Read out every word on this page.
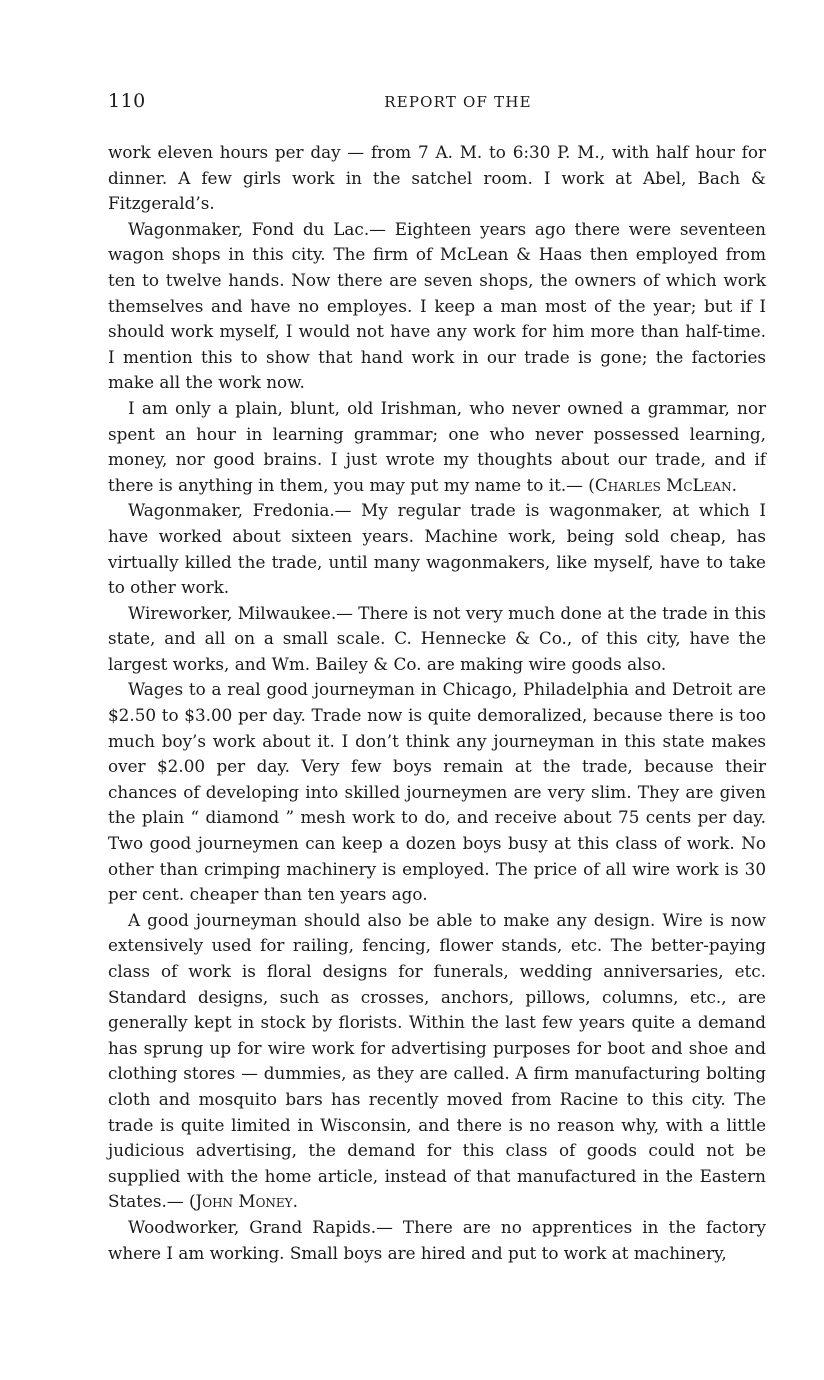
110	REPORT OF THE

work eleven hours per day — from 7 A. M. to 6:30 P. M., with half hour for dinner. A few girls work in the satchel room. I work at Abel, Bach & Fitzgerald’s.

Wagonmaker, Fond du Lac.— Eighteen years ago there were seventeen wagon shops in this city. The firm of McLean & Haas then employed from ten to twelve hands. Now there are seven shops, the owners of which work themselves and have no employes. I keep a man most of the year; but if I should work myself, I would not have any work for him more than half-time. I mention this to show that hand work in our trade is gone; the factories make all the work now.

I am only a plain, blunt, old Irishman, who never owned a grammar, nor spent an hour in learning grammar; one who never possessed learning, money, nor good brains. I just wrote my thoughts about our trade, and if there is anything in them, you may put my name to it.— (Charles McLean.

Wagonmaker, Fredonia.— My regular trade is wagonmaker, at which I have worked about sixteen years. Machine work, being sold cheap, has virtually killed the trade, until many wagonmakers, like myself, have to take to other work.

Wireworker, Milwaukee.— There is not very much done at the trade in this state, and all on a small scale. C. Hennecke & Co., of this city, have the largest works, and Wm. Bailey & Co. are making wire goods also.

Wages to a real good journeyman in Chicago, Philadelphia and Detroit are $2.50 to $3.00 per day. Trade now is quite demoralized, because there is too much boy’s work about it. I don’t think any journeyman in this state makes over $2.00 per day. Very few boys remain at the trade, because their chances of developing into skilled journeymen are very slim. They are given the plain “ diamond ” mesh work to do, and receive about 75 cents per day. Two good journeymen can keep a dozen boys busy at this class of work. No other than crimping machinery is employed. The price of all wire work is 30 per cent. cheaper than ten years ago.

A good journeyman should also be able to make any design. Wire is now extensively used for railing, fencing, flower stands, etc. The better-paying class of work is floral designs for funerals, wedding anniversaries, etc. Standard designs, such as crosses, anchors, pillows, columns, etc., are generally kept in stock by florists. Within the last few years quite a demand has sprung up for wire work for advertising purposes for boot and shoe and clothing stores — dummies, as they are called. A firm manufacturing bolting cloth and mosquito bars has recently moved from Racine to this city. The trade is quite limited in Wisconsin, and there is no reason why, with a little judicious advertising, the demand for this class of goods could not be supplied with the home article, instead of that manufactured in the Eastern States.— (John Money.

Woodworker, Grand Rapids.— There are no apprentices in the factory where I am working. Small boys are hired and put to work at machinery,
